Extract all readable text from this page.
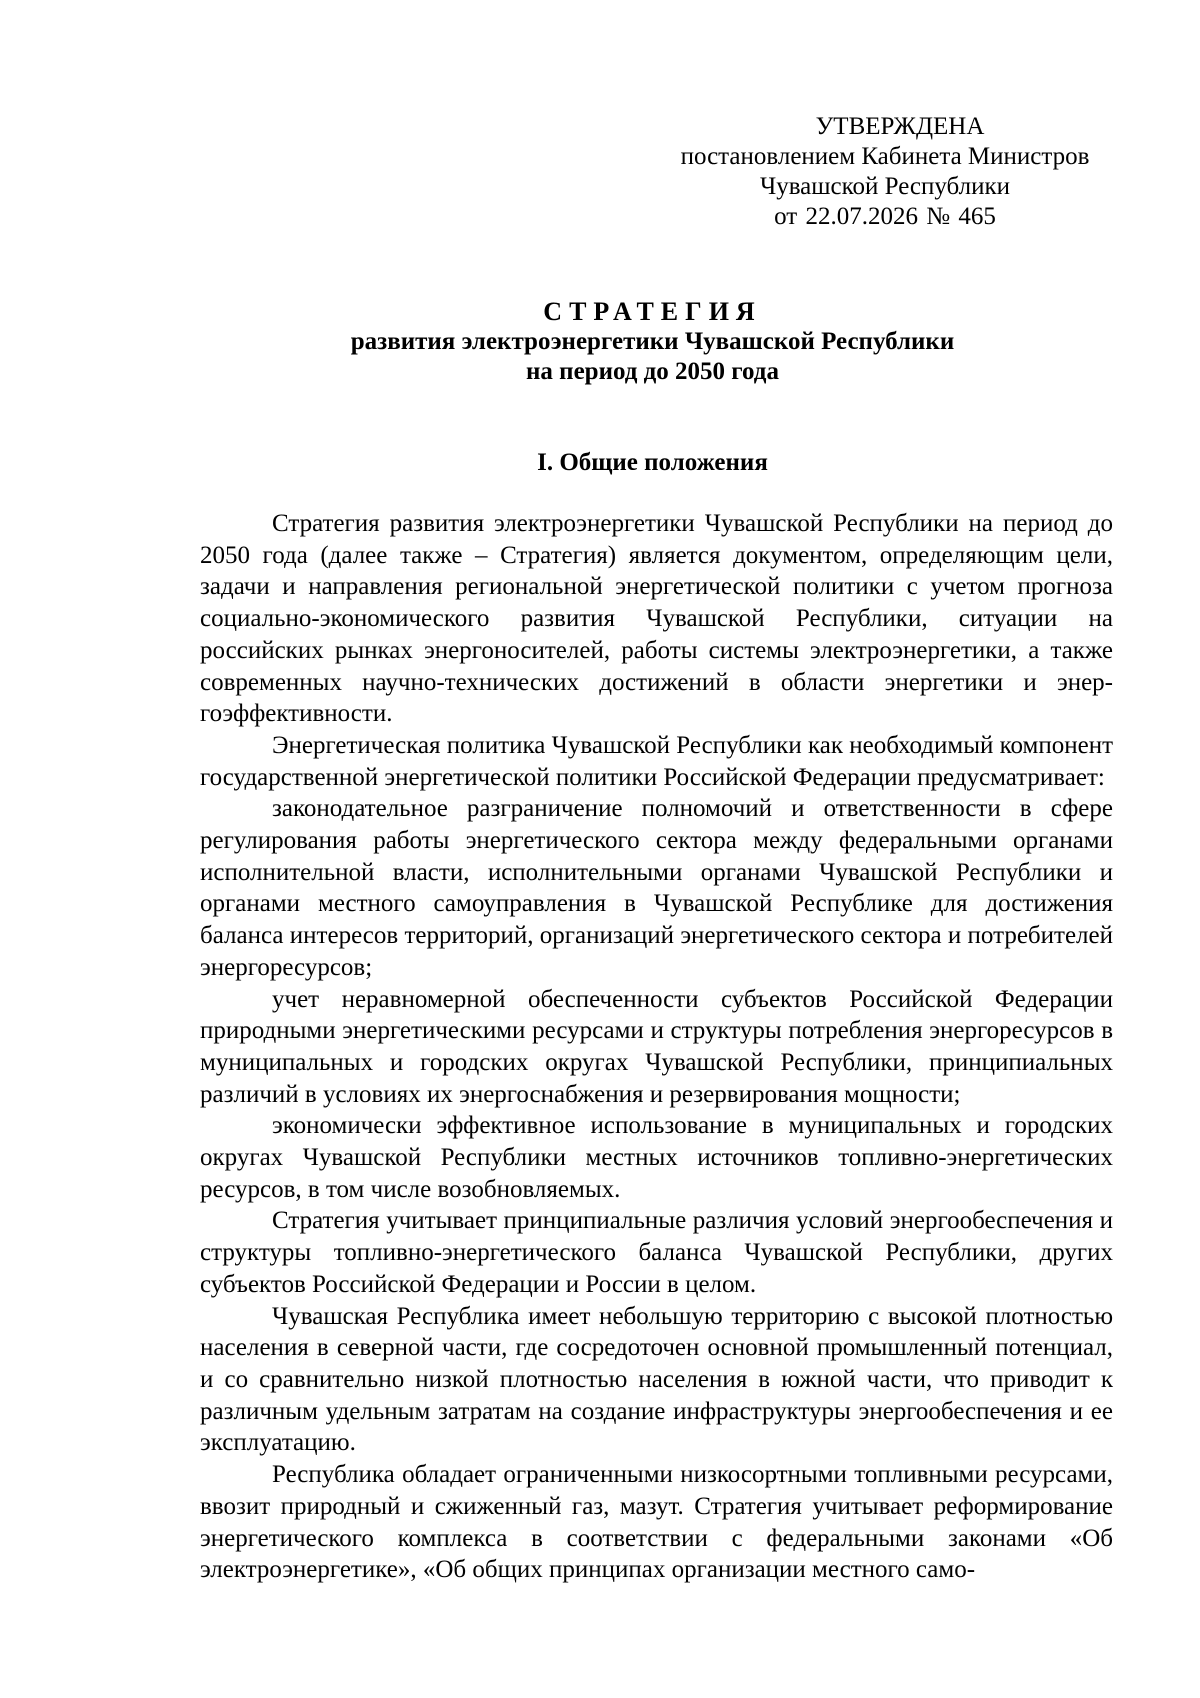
УТВЕРЖДЕНА
постановлением Кабинета Министров
Чувашской Республики
от 22.07.2026 № 465
СТРАТЕГИЯ
развития электроэнергетики Чувашской Республики
на период до 2050 года
I. Общие положения

Стратегия развития электроэнергетики Чувашской Республики на период до 2050 года (далее также – Стратегия) является документом, определяющим цели, задачи и направления региональной энергетической политики с учетом прогноза социально-экономического развития Чувашской Республики, ситуации на российских рынках энергоносителей, работы системы электроэнергетики, а также современных научно-технических достижений в области энергетики и энергоэффективности.

Энергетическая политика Чувашской Республики как необходимый компонент государственной энергетической политики Российской Федерации предусматривает:

законодательное разграничение полномочий и ответственности в сфере регулирования работы энергетического сектора между федеральными органами исполнительной власти, исполнительными органами Чувашской Республики и органами местного самоуправления в Чувашской Республике для достижения баланса интересов территорий, организаций энергетического сектора и потребителей энергоресурсов;

учет неравномерной обеспеченности субъектов Российской Федерации природными энергетическими ресурсами и структуры потребления энергоресурсов в муниципальных и городских округах Чувашской Республики, принципиальных различий в условиях их энергоснабжения и резервирования мощности;

экономически эффективное использование в муниципальных и городских округах Чувашской Республики местных источников топливно-энергетических ресурсов, в том числе возобновляемых.

Стратегия учитывает принципиальные различия условий энергообеспечения и структуры топливно-энергетического баланса Чувашской Республики, других субъектов Российской Федерации и России в целом.

Чувашская Республика имеет небольшую территорию с высокой плотностью населения в северной части, где сосредоточен основной промышленный потенциал, и со сравнительно низкой плотностью населения в южной части, что приводит к различным удельным затратам на создание инфраструктуры энергообеспечения и ее эксплуатацию.

Республика обладает ограниченными низкосортными топливными ресурсами, ввозит природный и сжиженный газ, мазут. Стратегия учитывает реформирование энергетического комплекса в соответствии с федеральными законами «Об электроэнергетике», «Об общих принципах организации местного само-
